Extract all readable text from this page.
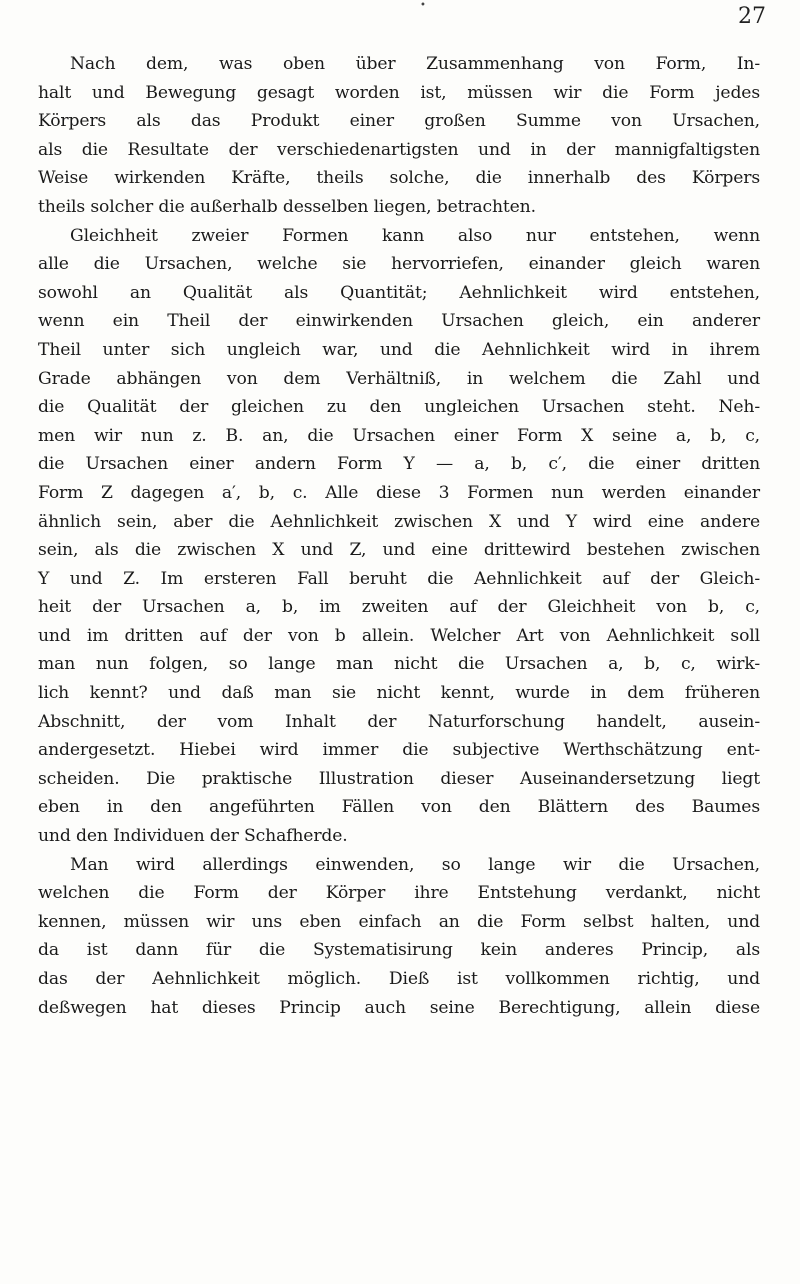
•	27

Nach dem, was oben über Zusammenhang von Form, In-
halt und Bewegung gesagt worden ist, müssen wir die Form jedes
Körpers als das Produkt einer großen Summe von Ursachen,
als die Resultate der verschiedenartigsten und in der mannigfaltigsten
Weise wirkenden Kräfte, theils solche, die innerhalb des Körpers
theils solcher die außerhalb desselben liegen, betrachten.

Gleichheit zweier Formen kann also nur entstehen, wenn
alle die Ursachen, welche sie hervorriefen, einander gleich waren
sowohl an Qualität als Quantität; Aehnlichkeit wird entstehen,
wenn ein Theil der einwirkenden Ursachen gleich, ein anderer
Theil unter sich ungleich war, und die Aehnlichkeit wird in ihrem
Grade abhängen von dem Verhältniß, in welchem die Zahl und
die Qualität der gleichen zu den ungleichen Ursachen steht. Neh-
men wir nun z. B. an, die Ursachen einer Form X seine a, b, c,
die Ursachen einer andern Form Y — a, b, c′, die einer dritten
Form Z dagegen a′, b, c. Alle diese 3 Formen nun werden einander
ähnlich sein, aber die Aehnlichkeit zwischen X und Y wird eine andere
sein, als die zwischen X und Z, und eine drittewird bestehen zwischen
Y und Z. Im ersteren Fall beruht die Aehnlichkeit auf der Gleich-
heit der Ursachen a, b, im zweiten auf der Gleichheit von b, c,
und im dritten auf der von b allein. Welcher Art von Aehnlichkeit soll
man nun folgen, so lange man nicht die Ursachen a, b, c, wirk-
lich kennt? und daß man sie nicht kennt, wurde in dem früheren
Abschnitt, der vom Inhalt der Naturforschung handelt, ausein-
andergesetzt. Hiebei wird immer die subjective Werthschätzung ent-
scheiden. Die praktische Illustration dieser Auseinandersetzung liegt
eben in den angeführten Fällen von den Blättern des Baumes
und den Individuen der Schafherde.

Man wird allerdings einwenden, so lange wir die Ursachen,
welchen die Form der Körper ihre Entstehung verdankt, nicht
kennen, müssen wir uns eben einfach an die Form selbst halten, und
da ist dann für die Systematisirung kein anderes Princip, als
das der Aehnlichkeit möglich. Dieß ist vollkommen richtig, und
deßwegen hat dieses Princip auch seine Berechtigung, allein diese
